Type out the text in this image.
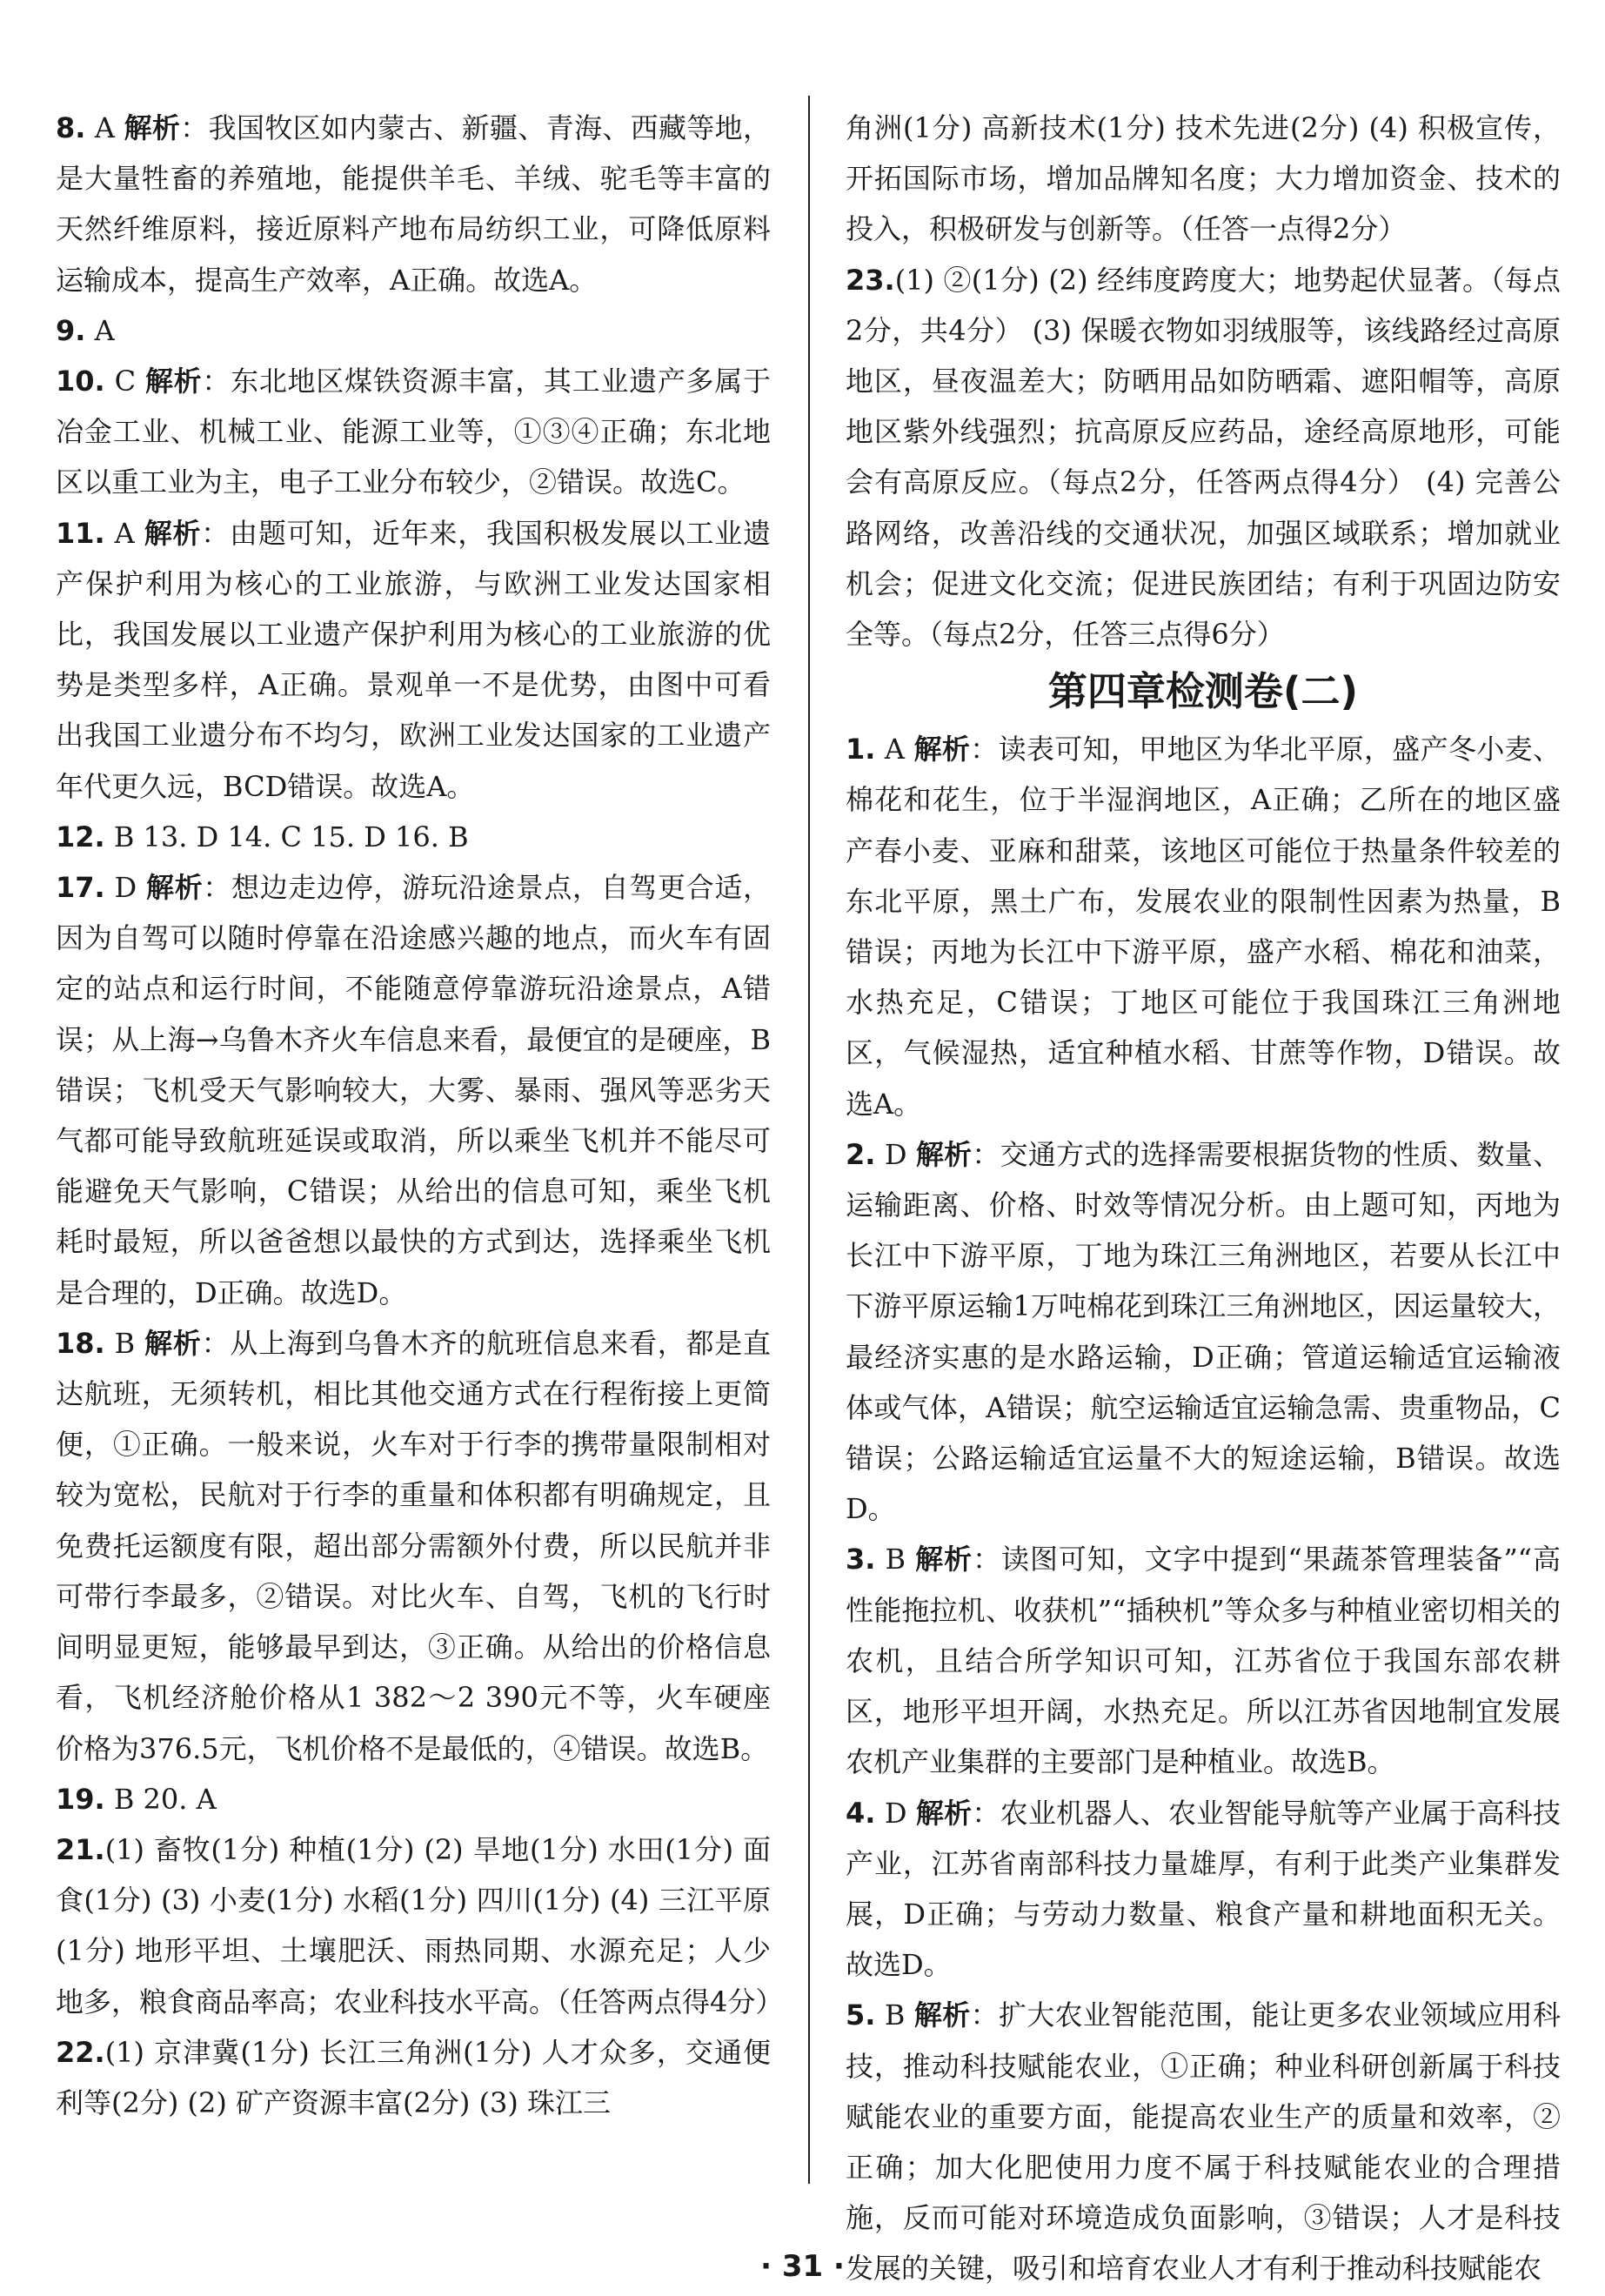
8. A 解析：我国牧区如内蒙古、新疆、青海、西藏等地，是大量牲畜的养殖地，能提供羊毛、羊绒、驼毛等丰富的天然纤维原料，接近原料产地布局纺织工业，可降低原料运输成本，提高生产效率，A正确。故选A。

9. A

10. C 解析：东北地区煤铁资源丰富，其工业遗产多属于冶金工业、机械工业、能源工业等，①③④正确；东北地区以重工业为主，电子工业分布较少，②错误。故选C。

11. A 解析：由题可知，近年来，我国积极发展以工业遗产保护利用为核心的工业旅游，与欧洲工业发达国家相比，我国发展以工业遗产保护利用为核心的工业旅游的优势是类型多样，A正确。景观单一不是优势，由图中可看出我国工业遗分布不均匀，欧洲工业发达国家的工业遗产年代更久远，BCD错误。故选A。

12. B 13. D 14. C 15. D 16. B

17. D 解析：想边走边停，游玩沿途景点，自驾更合适，因为自驾可以随时停靠在沿途感兴趣的地点，而火车有固定的站点和运行时间，不能随意停靠游玩沿途景点，A错误；从上海→乌鲁木齐火车信息来看，最便宜的是硬座，B错误；飞机受天气影响较大，大雾、暴雨、强风等恶劣天气都可能导致航班延误或取消，所以乘坐飞机并不能尽可能避免天气影响，C错误；从给出的信息可知，乘坐飞机耗时最短，所以爸爸想以最快的方式到达，选择乘坐飞机是合理的，D正确。故选D。

18. B 解析：从上海到乌鲁木齐的航班信息来看，都是直达航班，无须转机，相比其他交通方式在行程衔接上更简便，①正确。一般来说，火车对于行李的携带量限制相对较为宽松，民航对于行李的重量和体积都有明确规定，且免费托运额度有限，超出部分需额外付费，所以民航并非可带行李最多，②错误。对比火车、自驾，飞机的飞行时间明显更短，能够最早到达，③正确。从给出的价格信息看，飞机经济舱价格从1 382～2 390元不等，火车硬座价格为376.5元，飞机价格不是最低的，④错误。故选B。

19. B 20. A

21.(1) 畜牧(1分) 种植(1分) (2) 旱地(1分) 水田(1分) 面食(1分) (3) 小麦(1分) 水稻(1分) 四川(1分) (4) 三江平原(1分) 地形平坦、土壤肥沃、雨热同期、水源充足；人少地多，粮食商品率高；农业科技水平高。（任答两点得4分）

22.(1) 京津冀(1分) 长江三角洲(1分) 人才众多，交通便利等(2分) (2) 矿产资源丰富(2分) (3) 珠江三

角洲(1分) 高新技术(1分) 技术先进(2分) (4) 积极宣传，开拓国际市场，增加品牌知名度；大力增加资金、技术的投入，积极研发与创新等。（任答一点得2分）

23.(1) ②(1分) (2) 经纬度跨度大；地势起伏显著。（每点2分，共4分） (3) 保暖衣物如羽绒服等，该线路经过高原地区，昼夜温差大；防晒用品如防晒霜、遮阳帽等，高原地区紫外线强烈；抗高原反应药品，途经高原地形，可能会有高原反应。（每点2分，任答两点得4分） (4) 完善公路网络，改善沿线的交通状况，加强区域联系；增加就业机会；促进文化交流；促进民族团结；有利于巩固边防安全等。（每点2分，任答三点得6分）

第四章检测卷(二)

1. A 解析：读表可知，甲地区为华北平原，盛产冬小麦、棉花和花生，位于半湿润地区，A正确；乙所在的地区盛产春小麦、亚麻和甜菜，该地区可能位于热量条件较差的东北平原，黑土广布，发展农业的限制性因素为热量，B错误；丙地为长江中下游平原，盛产水稻、棉花和油菜，水热充足，C错误；丁地区可能位于我国珠江三角洲地区，气候湿热，适宜种植水稻、甘蔗等作物，D错误。故选A。

2. D 解析：交通方式的选择需要根据货物的性质、数量、运输距离、价格、时效等情况分析。由上题可知，丙地为长江中下游平原，丁地为珠江三角洲地区，若要从长江中下游平原运输1万吨棉花到珠江三角洲地区，因运量较大，最经济实惠的是水路运输，D正确；管道运输适宜运输液体或气体，A错误；航空运输适宜运输急需、贵重物品，C错误；公路运输适宜运量不大的短途运输，B错误。故选D。

3. B 解析：读图可知，文字中提到“果蔬茶管理装备”“高性能拖拉机、收获机”“插秧机”等众多与种植业密切相关的农机，且结合所学知识可知，江苏省位于我国东部农耕区，地形平坦开阔，水热充足。所以江苏省因地制宜发展农机产业集群的主要部门是种植业。故选B。

4. D 解析：农业机器人、农业智能导航等产业属于高科技产业，江苏省南部科技力量雄厚，有利于此类产业集群发展，D正确；与劳动力数量、粮食产量和耕地面积无关。故选D。

5. B 解析：扩大农业智能范围，能让更多农业领域应用科技，推动科技赋能农业，①正确；种业科研创新属于科技赋能农业的重要方面，能提高农业生产的质量和效率，②正确；加大化肥使用力度不属于科技赋能农业的合理措施，反而可能对环境造成负面影响，③错误；人才是科技发展的关键，吸引和培育农业人才有利于推动科技赋能农

· 31 ·
